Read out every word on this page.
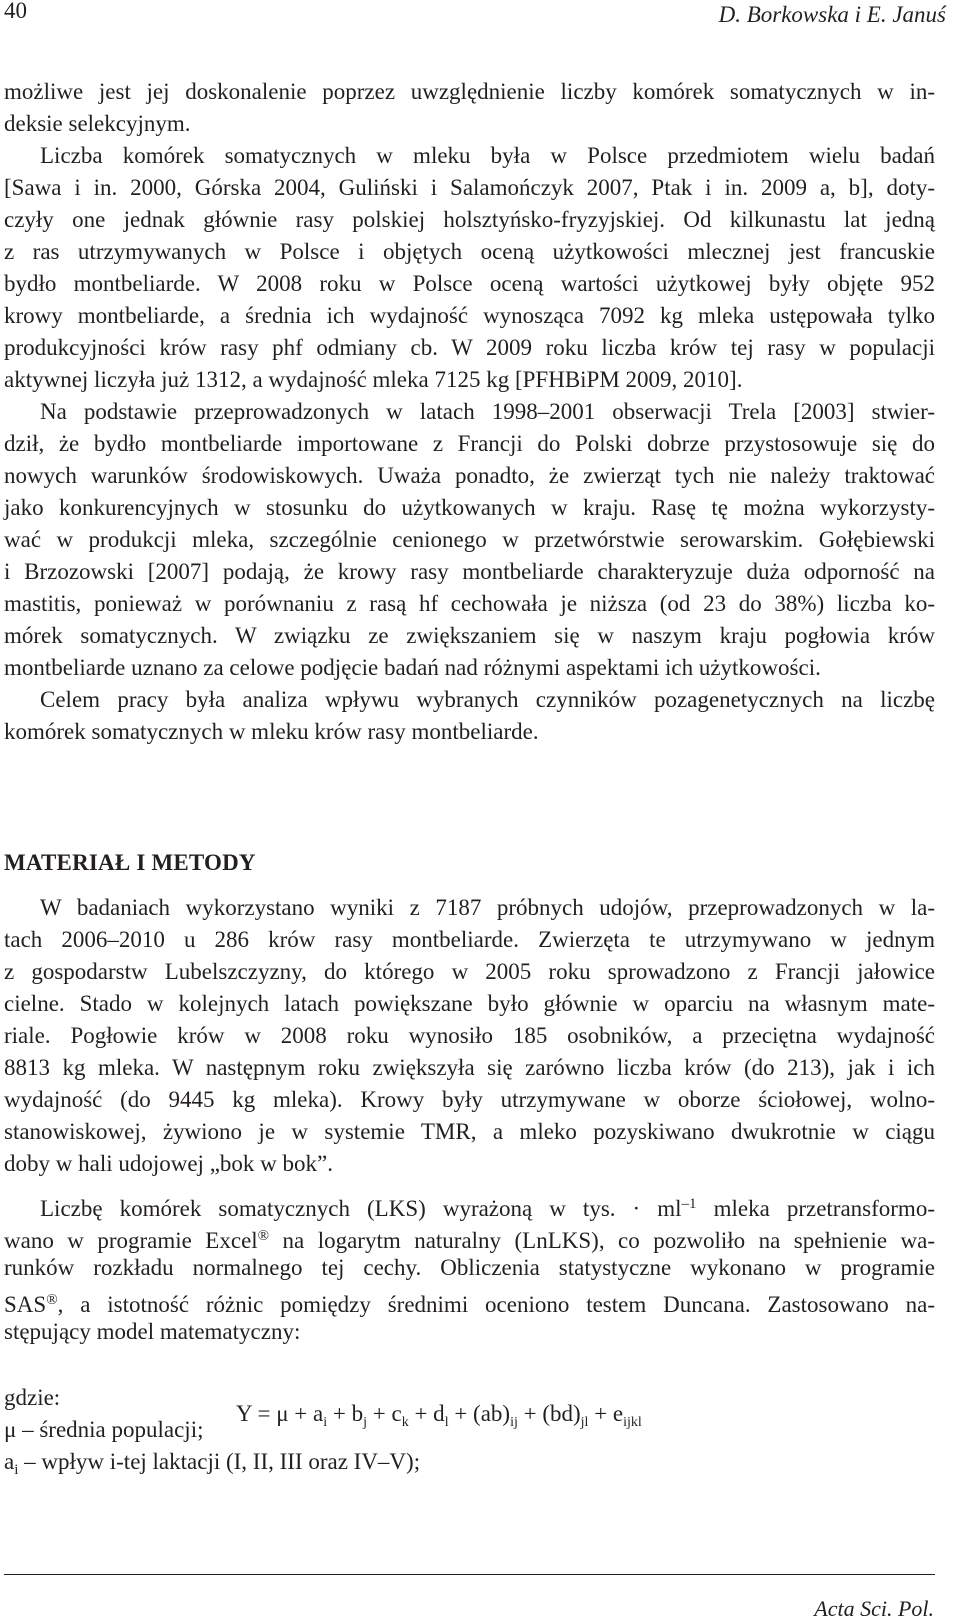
40	D. Borkowska i E. Januś
możliwe jest jej doskonalenie poprzez uwzględnienie liczby komórek somatycznych w in-
deksie selekcyjnym.
Liczba komórek somatycznych w mleku była w Polsce przedmiotem wielu badań
[Sawa i in. 2000, Górska 2004, Guliński i Salamończyk 2007, Ptak i in. 2009 a, b], doty-
czyły one jednak głównie rasy polskiej holsztyńsko-fryzyjskiej. Od kilkunastu lat jedną
z ras utrzymywanych w Polsce i objętych oceną użytkowości mlecznej jest francuskie
bydło montbeliarde. W 2008 roku w Polsce oceną wartości użytkowej były objęte 952
krowy montbeliarde, a średnia ich wydajność wynosząca 7092 kg mleka ustępowała tylko
produkcyjności krów rasy phf odmiany cb. W 2009 roku liczba krów tej rasy w populacji
aktywnej liczyła już 1312, a wydajność mleka 7125 kg [PFHBiPM 2009, 2010].
Na podstawie przeprowadzonych w latach 1998–2001 obserwacji Trela [2003] stwier-
dził, że bydło montbeliarde importowane z Francji do Polski dobrze przystosowuje się do
nowych warunków środowiskowych. Uważa ponadto, że zwierząt tych nie należy traktować
jako konkurencyjnych w stosunku do użytkowanych w kraju. Rasę tę można wykorzysty-
wać w produkcji mleka, szczególnie cenionego w przetwórstwie serowarskim. Gołębiewski
i Brzozowski [2007] podają, że krowy rasy montbeliarde charakteryzuje duża odporność na
mastitis, ponieważ w porównaniu z rasą hf cechowała je niższa (od 23 do 38%) liczba ko-
mórek somatycznych. W związku ze zwiększaniem się w naszym kraju pogłowia krów
montbeliarde uznano za celowe podjęcie badań nad różnymi aspektami ich użytkowości.
Celem pracy była analiza wpływu wybranych czynników pozagenetycznych na liczbę
komórek somatycznych w mleku krów rasy montbeliarde.
MATERIAŁ I METODY
W badaniach wykorzystano wyniki z 7187 próbnych udojów, przeprowadzonych w la-
tach 2006–2010 u 286 krów rasy montbeliarde. Zwierzęta te utrzymywano w jednym
z gospodarstw Lubelszczyzny, do którego w 2005 roku sprowadzono z Francji jałowice
cielne. Stado w kolejnych latach powiększane było głównie w oparciu na własnym mate-
riale. Pogłowie krów w 2008 roku wynosiło 185 osobników, a przeciętna wydajność
8813 kg mleka. W następnym roku zwiększyła się zarówno liczba krów (do 213), jak i ich
wydajność (do 9445 kg mleka). Krowy były utrzymywane w oborze ściołowej, wolno-
stanowiskowej, żywiono je w systemie TMR, a mleko pozyskiwano dwukrotnie w ciągu
doby w hali udojowej „bok w bok”.
Liczbę komórek somatycznych (LKS) wyrażoną w tys. · $ml^{-1}$ mleka przetransformo-
wano w programie Excel® na logarytm naturalny (LnLKS), co pozwoliło na spełnienie wa-
runków rozkładu normalnego tej cechy. Obliczenia statystyczne wykonano w programie
SAS®, a istotność różnic pomiędzy średnimi oceniono testem Duncana. Zastosowano na-
stępujący model matematyczny:
$Y = \mu + a_i + b_j + c_k + d_l + (ab)_{ij} + (bd)_{jl} + e_{ijkl}$
gdzie:
μ – średnia populacji;
$a_i$ – wpływ i-tej laktacji (I, II, III oraz IV–V);
Acta Sci. Pol.
